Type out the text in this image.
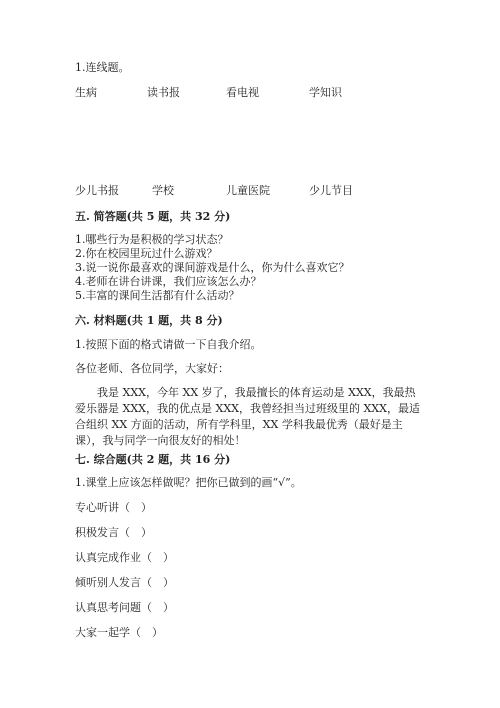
1.连线题。
生病	读书报	看电视	学知识
少儿书报	学校	儿童医院	少儿节目
五. 简答题(共 5 题，共 32 分)
1.哪些行为是积极的学习状态？
2.你在校园里玩过什么游戏？
3.说一说你最喜欢的课间游戏是什么，你为什么喜欢它？
4.老师在讲台讲课，我们应该怎么办？
5.丰富的课间生活都有什么活动？
六. 材料题(共 1 题，共 8 分)
1.按照下面的格式请做一下自我介绍。
各位老师、各位同学，大家好：
我是 XXX，今年 XX 岁了，我最擅长的体育运动是 XXX，我最热爱乐器是 XXX，我的优点是 XXX，我曾经担当过班级里的 XXX，最适合组织 XX 方面的活动，所有学科里，XX 学科我最优秀（最好是主课），我与同学一向很友好的相处！
七. 综合题(共 2 题，共 16 分)
1.课堂上应该怎样做呢？把你已做到的画“√”。
专心听讲（　）
积极发言（　）
认真完成作业（　）
倾听别人发言（　）
认真思考问题（　）
大家一起学（　）
